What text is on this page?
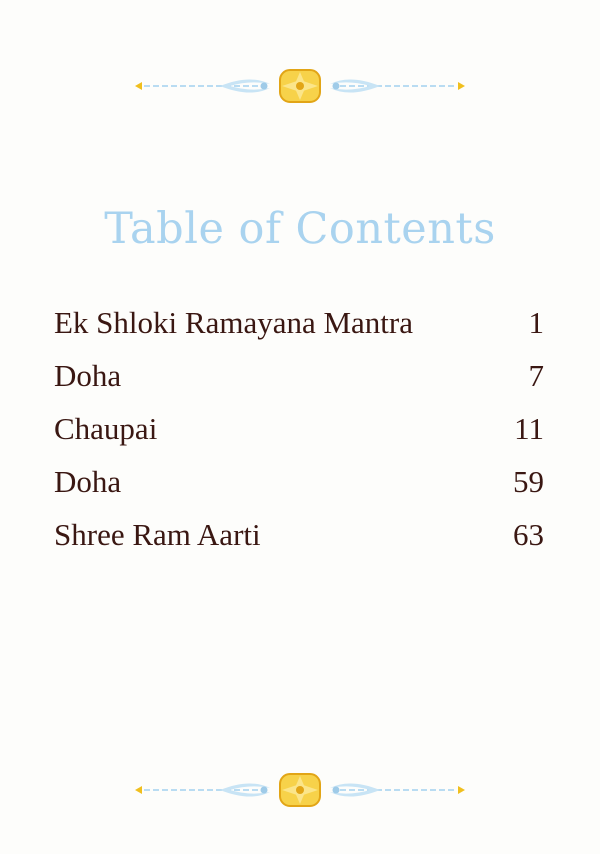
Table of Contents
Ek Shloki Ramayana Mantra	1
Doha	7
Chaupai	11
Doha	59
Shree Ram Aarti	63
